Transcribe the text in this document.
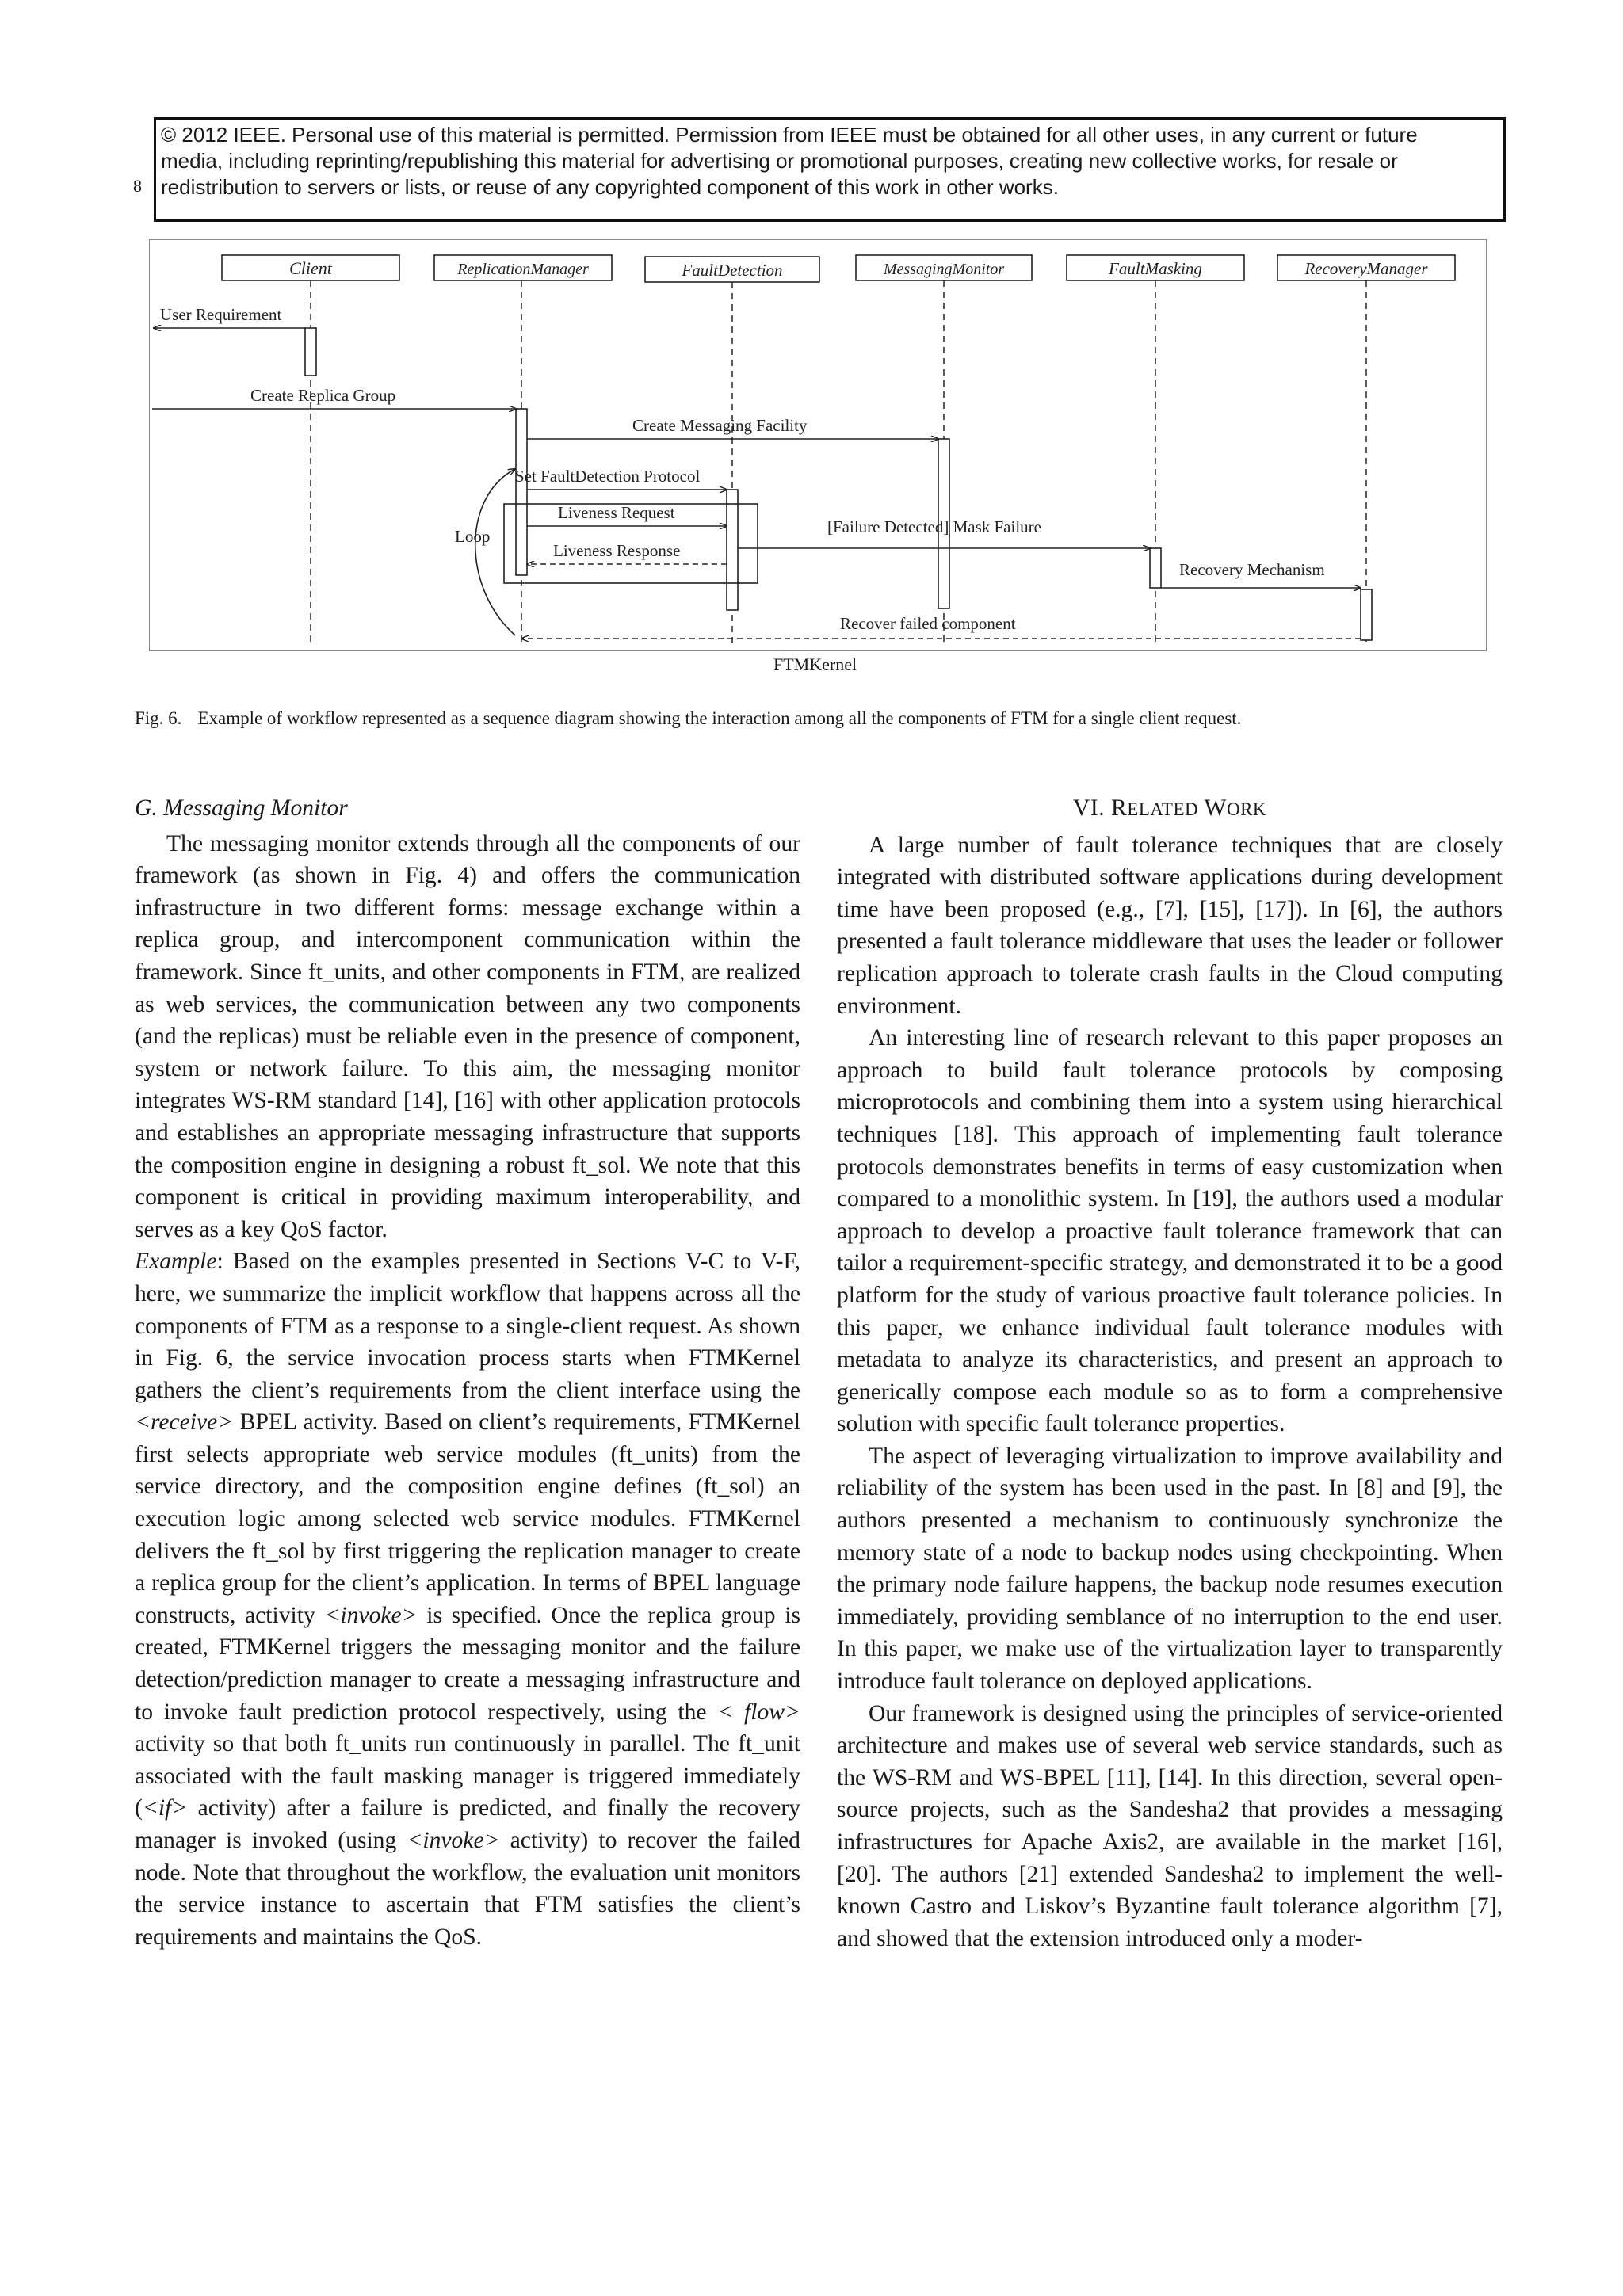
8

© 2012 IEEE. Personal use of this material is permitted. Permission from IEEE must be obtained for all other uses, in any current or future

media, including reprinting/republishing this material for advertising or promotional purposes, creating new collective works, for resale or

redistribution to servers or lists, or reuse of any copyrighted component of this work in other works.

Client	ReplicationManager	FaultDetection	MessagingMonitor	FaultMasking	RecoveryManager
User Requirement
Create Replica Group
Create Messaging Facility
Set FaultDetection Protocol
Liveness Request
Liveness Response
[Failure Detected] Mask Failure
Recovery Mechanism
Recover failed component
Loop
FTMKernel
Fig. 6. Example of workflow represented as a sequence diagram showing the interaction among all the components of FTM for a single client request.

G. Messaging Monitor

The messaging monitor extends through all the components of our framework (as shown in Fig. 4) and offers the communication infrastructure in two different forms: message exchange within a replica group, and intercomponent communication within the framework. Since ft_units, and other components in FTM, are realized as web services, the communication between any two components (and the replicas) must be reliable even in the presence of component, system or network failure. To this aim, the messaging monitor integrates WS-RM standard [14], [16] with other application protocols and establishes an appropriate messaging infrastructure that supports the composition engine in designing a robust ft_sol. We note that this component is critical in providing maximum interoperability, and serves as a key QoS factor.

Example: Based on the examples presented in Sections V-C to V-F, here, we summarize the implicit workflow that happens across all the components of FTM as a response to a single-client request. As shown in Fig. 6, the service invocation process starts when FTMKernel gathers the client’s requirements from the client interface using the <receive> BPEL activity. Based on client’s requirements, FTMKernel first selects appropriate web service modules (ft_units) from the service directory, and the composition engine defines (ft_sol) an execution logic among selected web service modules. FTMKernel delivers the ft_sol by first triggering the replication manager to create a replica group for the client’s application. In terms of BPEL language constructs, activity <invoke> is specified. Once the replica group is created, FTMKernel triggers the messaging monitor and the failure detection/prediction manager to create a messaging infrastructure and to invoke fault prediction protocol respectively, using the < flow> activity so that both ft_units run continuously in parallel. The ft_unit associated with the fault masking manager is triggered immediately (<if> activity) after a failure is predicted, and finally the recovery manager is invoked (using <invoke> activity) to recover the failed node. Note that throughout the workflow, the evaluation unit monitors the service instance to ascertain that FTM satisfies the client’s requirements and maintains the QoS.

VI. RELATED WORK

A large number of fault tolerance techniques that are closely integrated with distributed software applications during development time have been proposed (e.g., [7], [15], [17]). In [6], the authors presented a fault tolerance middleware that uses the leader or follower replication approach to tolerate crash faults in the Cloud computing environment.

An interesting line of research relevant to this paper proposes an approach to build fault tolerance protocols by composing microprotocols and combining them into a system using hierarchical techniques [18]. This approach of implementing fault tolerance protocols demonstrates benefits in terms of easy customization when compared to a monolithic system. In [19], the authors used a modular approach to develop a proactive fault tolerance framework that can tailor a requirement-specific strategy, and demonstrated it to be a good platform for the study of various proactive fault tolerance policies. In this paper, we enhance individual fault tolerance modules with metadata to analyze its characteristics, and present an approach to generically compose each module so as to form a comprehensive solution with specific fault tolerance properties.

The aspect of leveraging virtualization to improve availability and reliability of the system has been used in the past. In [8] and [9], the authors presented a mechanism to continuously synchronize the memory state of a node to backup nodes using checkpointing. When the primary node failure happens, the backup node resumes execution immediately, providing semblance of no interruption to the end user. In this paper, we make use of the virtualization layer to transparently introduce fault tolerance on deployed applications.

Our framework is designed using the principles of service-oriented architecture and makes use of several web service standards, such as the WS-RM and WS-BPEL [11], [14]. In this direction, several open-source projects, such as the Sandesha2 that provides a messaging infrastructures for Apache Axis2, are available in the market [16], [20]. The authors [21] extended Sandesha2 to implement the well-known Castro and Liskov’s Byzantine fault tolerance algorithm [7], and showed that the extension introduced only a moder-
